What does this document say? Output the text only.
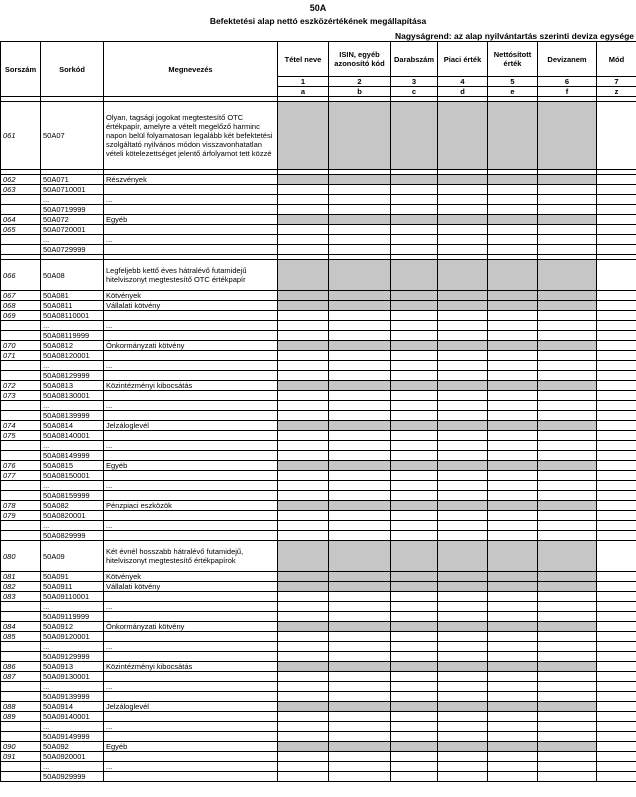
50A
Befektetési alap nettó eszközértékének megállapítása
Nagyságrend: az alap nyilvántartás szerinti deviza egysége
Sorszám	Sorkód	Megnevezés	Tétel neve	ISIN, egyéb azonosító kód	Darabszám	Piaci érték	Nettósított érték	Devizanem	Mód
			1	2	3	4	5	6	7
			a	b	c	d	e	f	z

061	50A07	Olyan, tagsági jogokat megtestesítő OTC értékpapír, amelyre a vételt megelőző harminc napon belül folyamatosan legalább két befektetési szolgáltató nyilvános módon visszavonhatatlan vételi kötelezettséget jelentő árfolyamot tett közzé							

062	50A071	Részvények							
063	50A0710001								
	...	...							
	50A0719999								
064	50A072	Egyéb							
065	50A0720001								
	...	...							
	50A0729999								

066	50A08	Legfeljebb kettő éves hátralévő futamidejű hitelviszonyt megtestesítő OTC értékpapír							
067	50A081	Kötvények							
068	50A0811	Vállalati kötvény							
069	50A08110001								
	...	...							
	50A08119999								
070	50A0812	Önkormányzati kötvény							
071	50A08120001								
	...	...							
	50A08129999								
072	50A0813	Közintézményi kibocsátás							
073	50A08130001								
	...	...							
	50A08139999								
074	50A0814	Jelzáloglevél							
075	50A08140001								
	...	...							
	50A08149999								
076	50A0815	Egyéb							
077	50A08150001								
	...	...							
	50A08159999								
078	50A082	Pénzpiaci eszközök							
079	50A0820001								
	...	...							
	50A0829999								
080	50A09	Két évnél hosszabb hátralévő futamidejű, hitelviszonyt megtestesítő értékpapírok							
081	50A091	Kötvények							
082	50A0911	Vállalati kötvény							
083	50A09110001								
	...	...							
	50A09119999								
084	50A0912	Önkormányzati kötvény							
085	50A09120001								
	...	...							
	50A09129999								
086	50A0913	Közintézményi kibocsátás							
087	50A09130001								
	...	...							
	50A09139999								
088	50A0914	Jelzáloglevél							
089	50A09140001								
	...	...							
	50A09149999								
090	50A092	Egyéb							
091	50A0920001								
	...	...							
	50A0929999								
